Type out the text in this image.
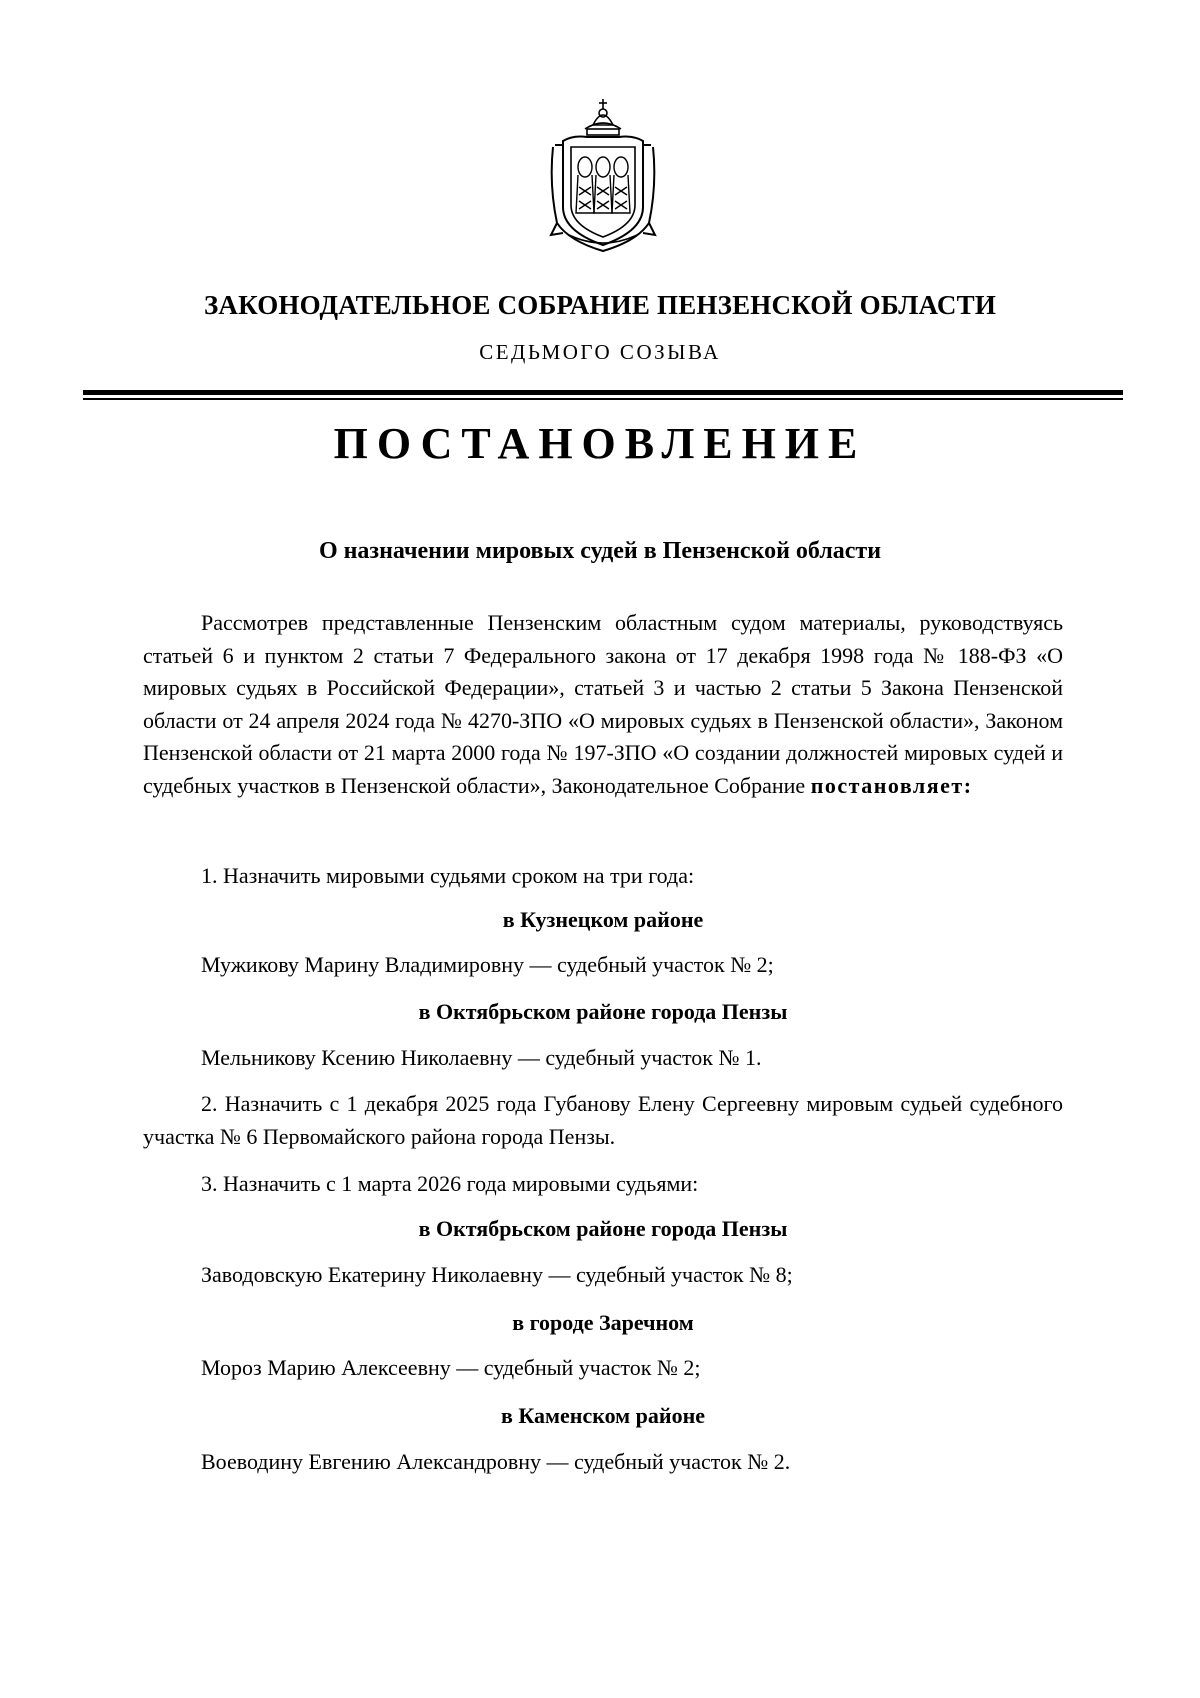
ЗАКОНОДАТЕЛЬНОЕ СОБРАНИЕ ПЕНЗЕНСКОЙ ОБЛАСТИ
СЕДЬМОГО СОЗЫВА
ПОСТАНОВЛЕНИЕ
О назначении мировых судей в Пензенской области
Рассмотрев представленные Пензенским областным судом материалы, руководствуясь статьей 6 и пунктом 2 статьи 7 Федерального закона от 17 декабря 1998 года № 188-ФЗ «О мировых судьях в Российской Федерации», статьей 3 и частью 2 статьи 5 Закона Пензенской области от 24 апреля 2024 года № 4270-ЗПО «О мировых судьях в Пензенской области», Законом Пензенской области от 21 марта 2000 года № 197-ЗПО «О создании должностей мировых судей и судебных участков в Пензенской области», Законодательное Собрание постановляет:
1. Назначить мировыми судьями сроком на три года:
в Кузнецком районе
Мужикову Марину Владимировну — судебный участок № 2;
в Октябрьском районе города Пензы
Мельникову Ксению Николаевну — судебный участок № 1.
2. Назначить с 1 декабря 2025 года Губанову Елену Сергеевну мировым судьей судебного участка № 6 Первомайского района города Пензы.
3. Назначить с 1 марта 2026 года мировыми судьями:
в Октябрьском районе города Пензы
Заводовскую Екатерину Николаевну — судебный участок № 8;
в городе Заречном
Мороз Марию Алексеевну — судебный участок № 2;
в Каменском районе
Воеводину Евгению Александровну — судебный участок № 2.
